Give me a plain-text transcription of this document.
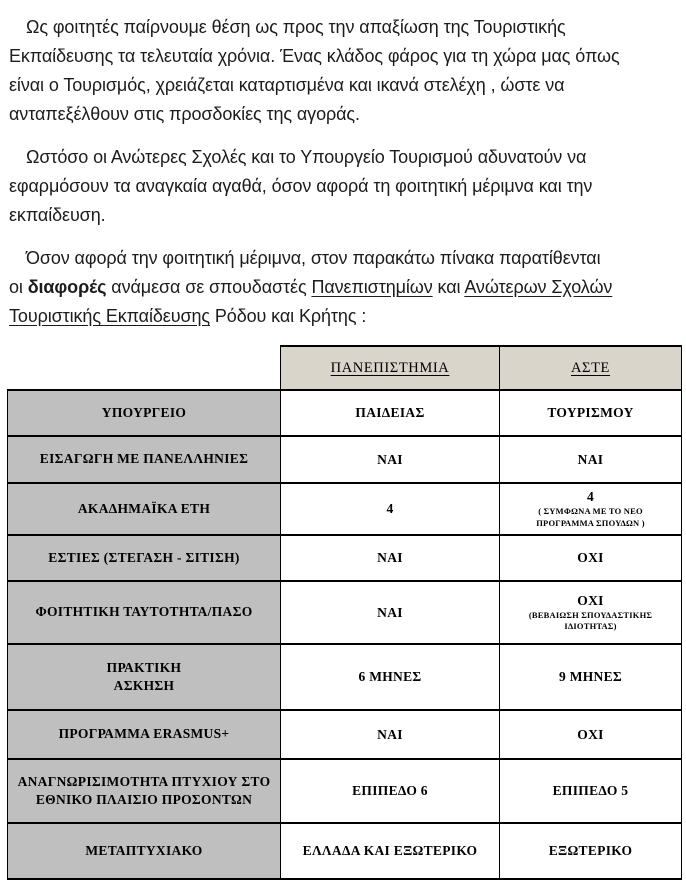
Ως φοιτητές παίρνουμε θέση ως προς την απαξίωση της Τουριστικής
Εκπαίδευσης τα τελευταία χρόνια. Ένας κλάδος φάρος για τη χώρα μας όπως
είναι ο Τουρισμός, χρειάζεται καταρτισμένα και ικανά στελέχη , ώστε να
ανταπεξέλθουν στις προσδοκίες της αγοράς.
Ωστόσο οι Ανώτερες Σχολές και το Υπουργείο Τουρισμού αδυνατούν να
εφαρμόσουν τα αναγκαία αγαθά, όσον αφορά τη φοιτητική μέριμνα και την
εκπαίδευση.
Όσον αφορά την φοιτητική μέριμνα, στον παρακάτω πίνακα παρατίθενται
οι διαφορές ανάμεσα σε σπουδαστές Πανεπιστημίων και Ανώτερων Σχολών
Τουριστικής Εκπαίδευσης Ρόδου και Κρήτης :
	ΠΑΝΕΠΙΣΤΗΜΙΑ	ΑΣΤΕ

ΥΠΟΥΡΓΕΙΟ	ΠΑΙΔΕΙΑΣ	ΤΟΥΡΙΣΜΟΥ

ΕΙΣΑΓΩΓΗ ΜΕ ΠΑΝΕΛΛΗΝΙΕΣ	ΝΑΙ	ΝΑΙ

ΑΚΑΔΗΜΑΪΚΑ ΕΤΗ	4	4
( ΣΥΜΦΩΝΑ ΜΕ ΤΟ ΝΕΟ ΠΡΟΓΡΑΜΜΑ ΣΠΟΥΔΩΝ )

ΕΣΤΙΕΣ (ΣΤΕΓΑΣΗ - ΣΙΤΙΣΗ)	ΝΑΙ	ΟΧΙ

ΦΟΙΤΗΤΙΚΗ ΤΑΥΤΟΤΗΤΑ/ΠΑΣΟ	ΝΑΙ	ΟΧΙ
(ΒΕΒΑΙΩΣΗ ΣΠΟΥΔΑΣΤΙΚΗΣ ΙΔΙΟΤΗΤΑΣ)

ΠΡΑΚΤΙΚΗ
ΑΣΚΗΣΗ	6 ΜΗΝΕΣ	9 ΜΗΝΕΣ

ΠΡΟΓΡΑΜΜΑ ERASMUS+	ΝΑΙ	ΟΧΙ

ΑΝΑΓΝΩΡΙΣΙΜΟΤΗΤΑ ΠΤΥΧΙΟΥ ΣΤΟ
ΕΘΝΙΚΟ ΠΛΑΙΣΙΟ ΠΡΟΣΟΝΤΩΝ	ΕΠΙΠΕΔΟ 6	ΕΠΙΠΕΔΟ 5

ΜΕΤΑΠΤΥΧΙΑΚΟ	ΕΛΛΑΔΑ ΚΑΙ ΕΞΩΤΕΡΙΚΟ	ΕΞΩΤΕΡΙΚΟ
